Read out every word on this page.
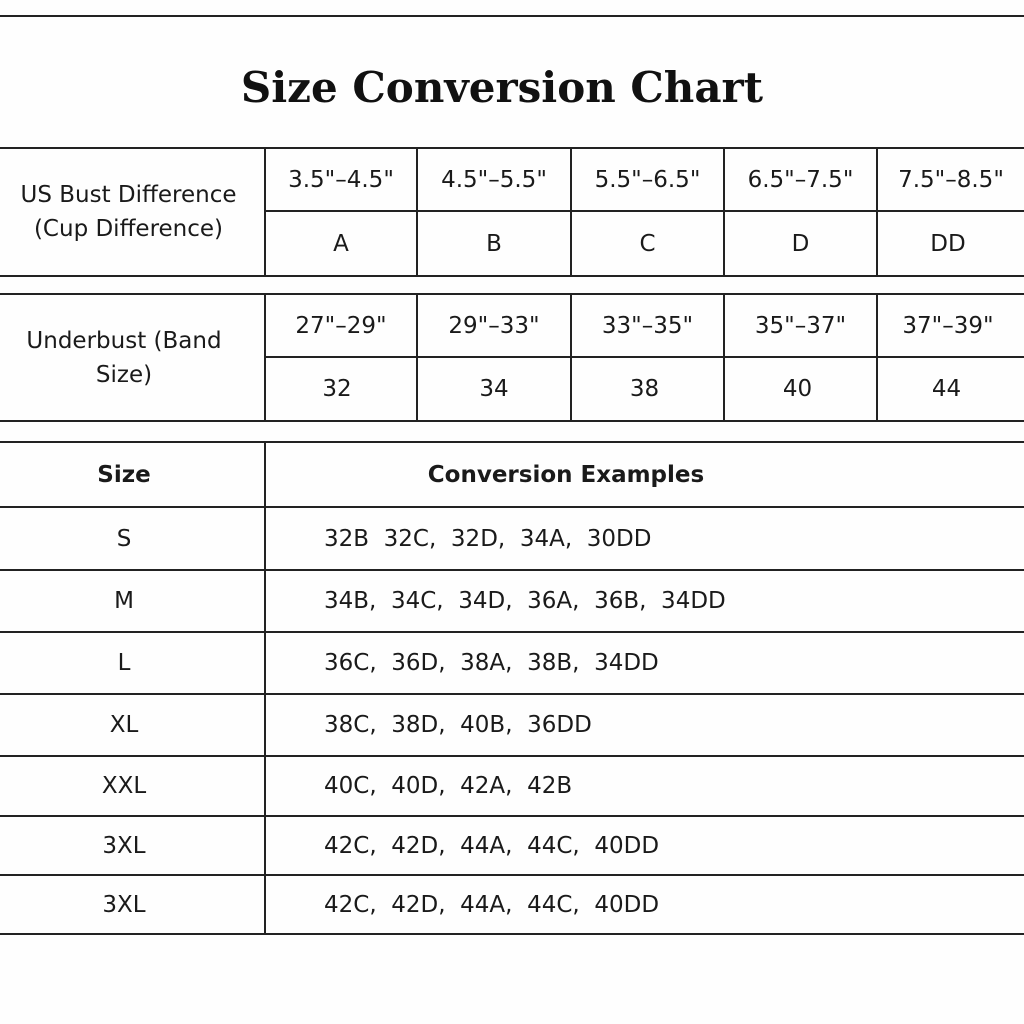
Size Conversion Chart
US Bust Difference (Cup Difference)
3.5"–4.5"	4.5"–5.5"	5.5"–6.5"	6.5"–7.5"	7.5"–8.5"
A	B	C	D	DD
Underbust (Band Size)
27"–29"	29"–33"	33"–35"	35"–37"	37"–39"
32	34	38	40	44
Size	Conversion Examples
S	32B  32C,  32D,  34A,  30DD
M	34B,  34C,  34D,  36A,  36B,  34DD
L	36C,  36D,  38A,  38B,  34DD
XL	38C,  38D,  40B,  36DD
XXL	40C,  40D,  42A,  42B
3XL	42C,  42D,  44A,  44C,  40DD
3XL	42C,  42D,  44A,  44C,  40DD
